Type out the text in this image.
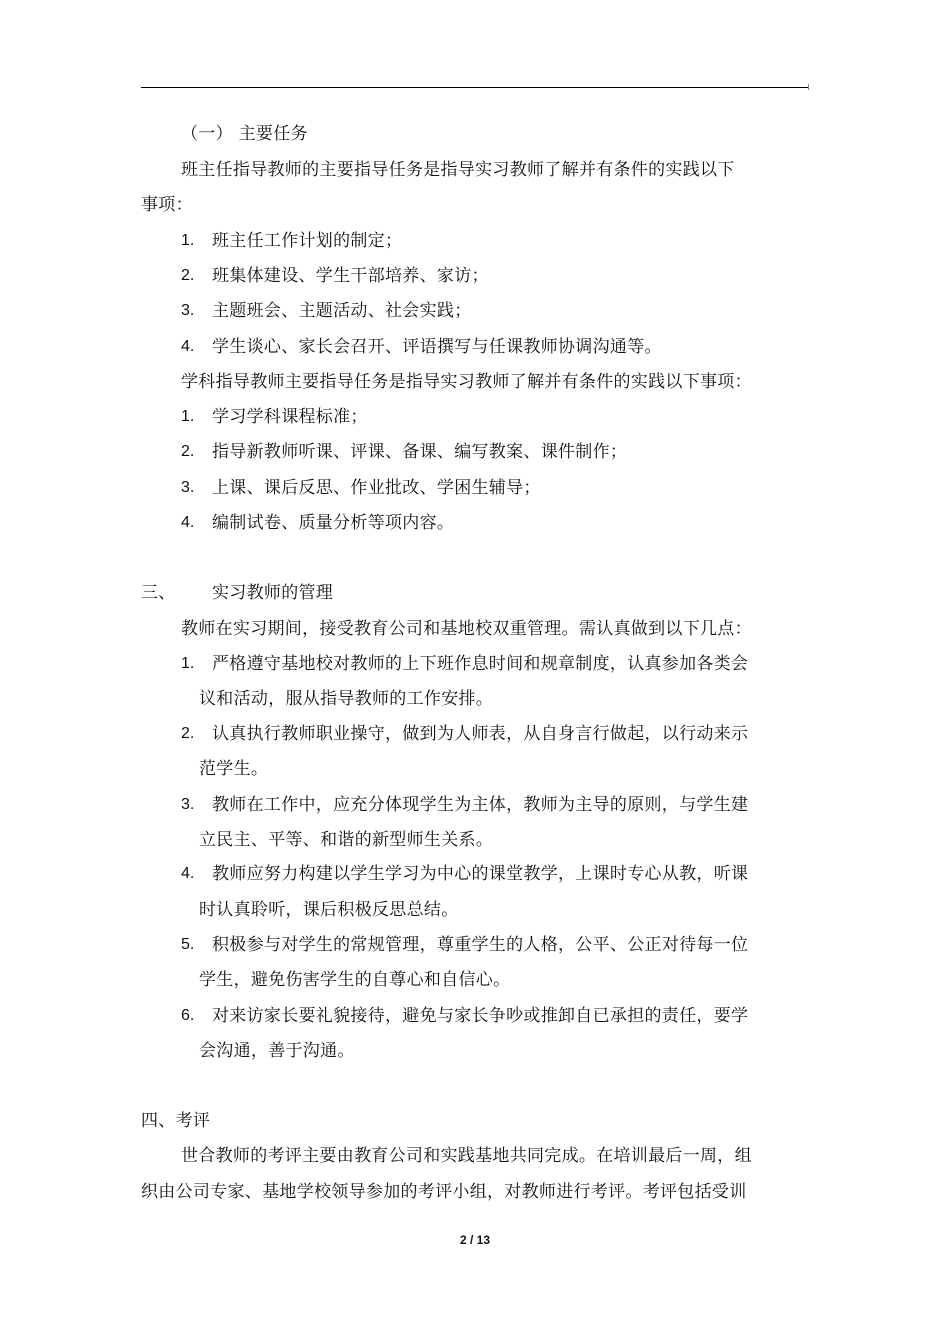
（一） 主要任务
班主任指导教师的主要指导任务是指导实习教师了解并有条件的实践以下
事项：
1. 班主任工作计划的制定；
2. 班集体建设、学生干部培养、家访；
3. 主题班会、主题活动、社会实践；
4. 学生谈心、家长会召开、评语撰写与任课教师协调沟通等。
学科指导教师主要指导任务是指导实习教师了解并有条件的实践以下事项：
1. 学习学科课程标准；
2. 指导新教师听课、评课、备课、编写教案、课件制作；
3. 上课、课后反思、作业批改、学困生辅导；
4. 编制试卷、质量分析等项内容。
三、 实习教师的管理
教师在实习期间，接受教育公司和基地校双重管理。需认真做到以下几点：
1. 严格遵守基地校对教师的上下班作息时间和规章制度，认真参加各类会
议和活动，服从指导教师的工作安排。
2. 认真执行教师职业操守，做到为人师表，从自身言行做起，以行动来示
范学生。
3. 教师在工作中，应充分体现学生为主体，教师为主导的原则，与学生建
立民主、平等、和谐的新型师生关系。
4. 教师应努力构建以学生学习为中心的课堂教学，上课时专心从教，听课
时认真聆听，课后积极反思总结。
5. 积极参与对学生的常规管理，尊重学生的人格，公平、公正对待每一位
学生，避免伤害学生的自尊心和自信心。
6. 对来访家长要礼貌接待，避免与家长争吵或推卸自已承担的责任，要学
会沟通，善于沟通。
四、考评
世合教师的考评主要由教育公司和实践基地共同完成。在培训最后一周，组
织由公司专家、基地学校领导参加的考评小组，对教师进行考评。考评包括受训
2 / 13
